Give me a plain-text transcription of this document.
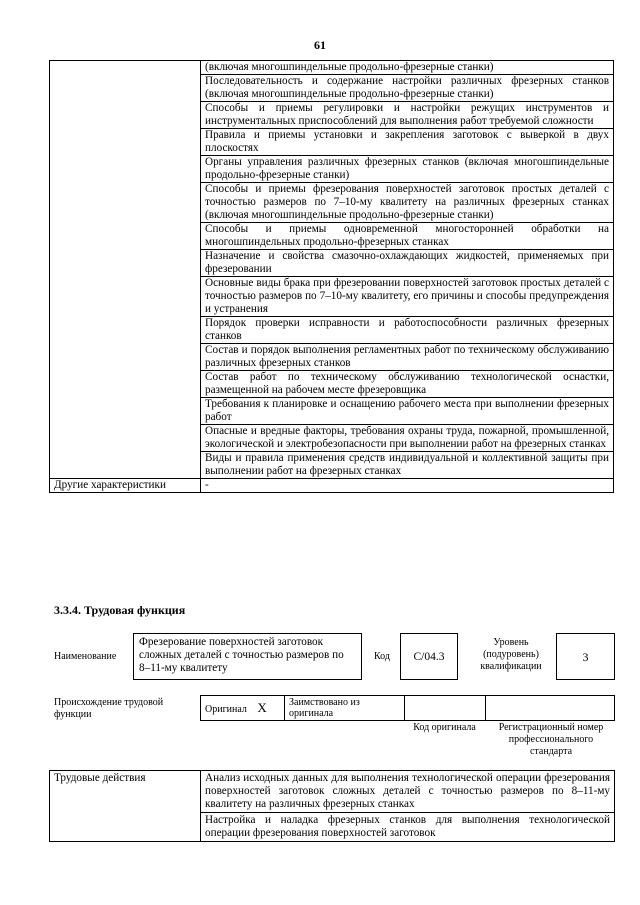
61
	(включая многошпиндельные продольно-фрезерные станки)
	Последовательность и содержание настройки различных фрезерных станков (включая многошпиндельные продольно-фрезерные станки)
	Способы и приемы регулировки и настройки режущих инструментов и инструментальных приспособлений для выполнения работ требуемой сложности
	Правила и приемы установки и закрепления заготовок с выверкой в двух плоскостях
	Органы управления различных фрезерных станков (включая многошпиндельные продольно-фрезерные станки)
	Способы и приемы фрезерования поверхностей заготовок простых деталей с точностью размеров по 7–10-му квалитету на различных фрезерных станках (включая многошпиндельные продольно-фрезерные станки)
	Способы и приемы одновременной многосторонней обработки на многошпиндельных продольно-фрезерных станках
	Назначение и свойства смазочно-охлаждающих жидкостей, применяемых при фрезеровании
	Основные виды брака при фрезеровании поверхностей заготовок простых деталей с точностью размеров по 7–10-му квалитету, его причины и способы предупреждения и устранения
	Порядок проверки исправности и работоспособности различных фрезерных станков
	Состав и порядок выполнения регламентных работ по техническому обслуживанию различных фрезерных станков
	Состав работ по техническому обслуживанию технологической оснастки, размещенной на рабочем месте фрезеровщика
	Требования к планировке и оснащению рабочего места при выполнении фрезерных работ
	Опасные и вредные факторы, требования охраны труда, пожарной, промышленной, экологической и электробезопасности при выполнении работ на фрезерных станках
	Виды и правила применения средств индивидуальной и коллективной защиты при выполнении работ на фрезерных станках
Другие характеристики	-
3.3.4. Трудовая функция
Наименование
Фрезерование поверхностей заготовок сложных деталей с точностью размеров по 8–11-му квалитету
Код	C/04.3
Уровень (подуровень) квалификации
3
Происхождение трудовой функции	Оригинал X	Заимствовано из оригинала		
Код оригинала	Регистрационный номер профессионального стандарта
Трудовые действия	Анализ исходных данных для выполнения технологической операции фрезерования поверхностей заготовок сложных деталей с точностью размеров по 8–11-му квалитету на различных фрезерных станках
Настройка и наладка фрезерных станков для выполнения технологической операции фрезерования поверхностей заготовок
